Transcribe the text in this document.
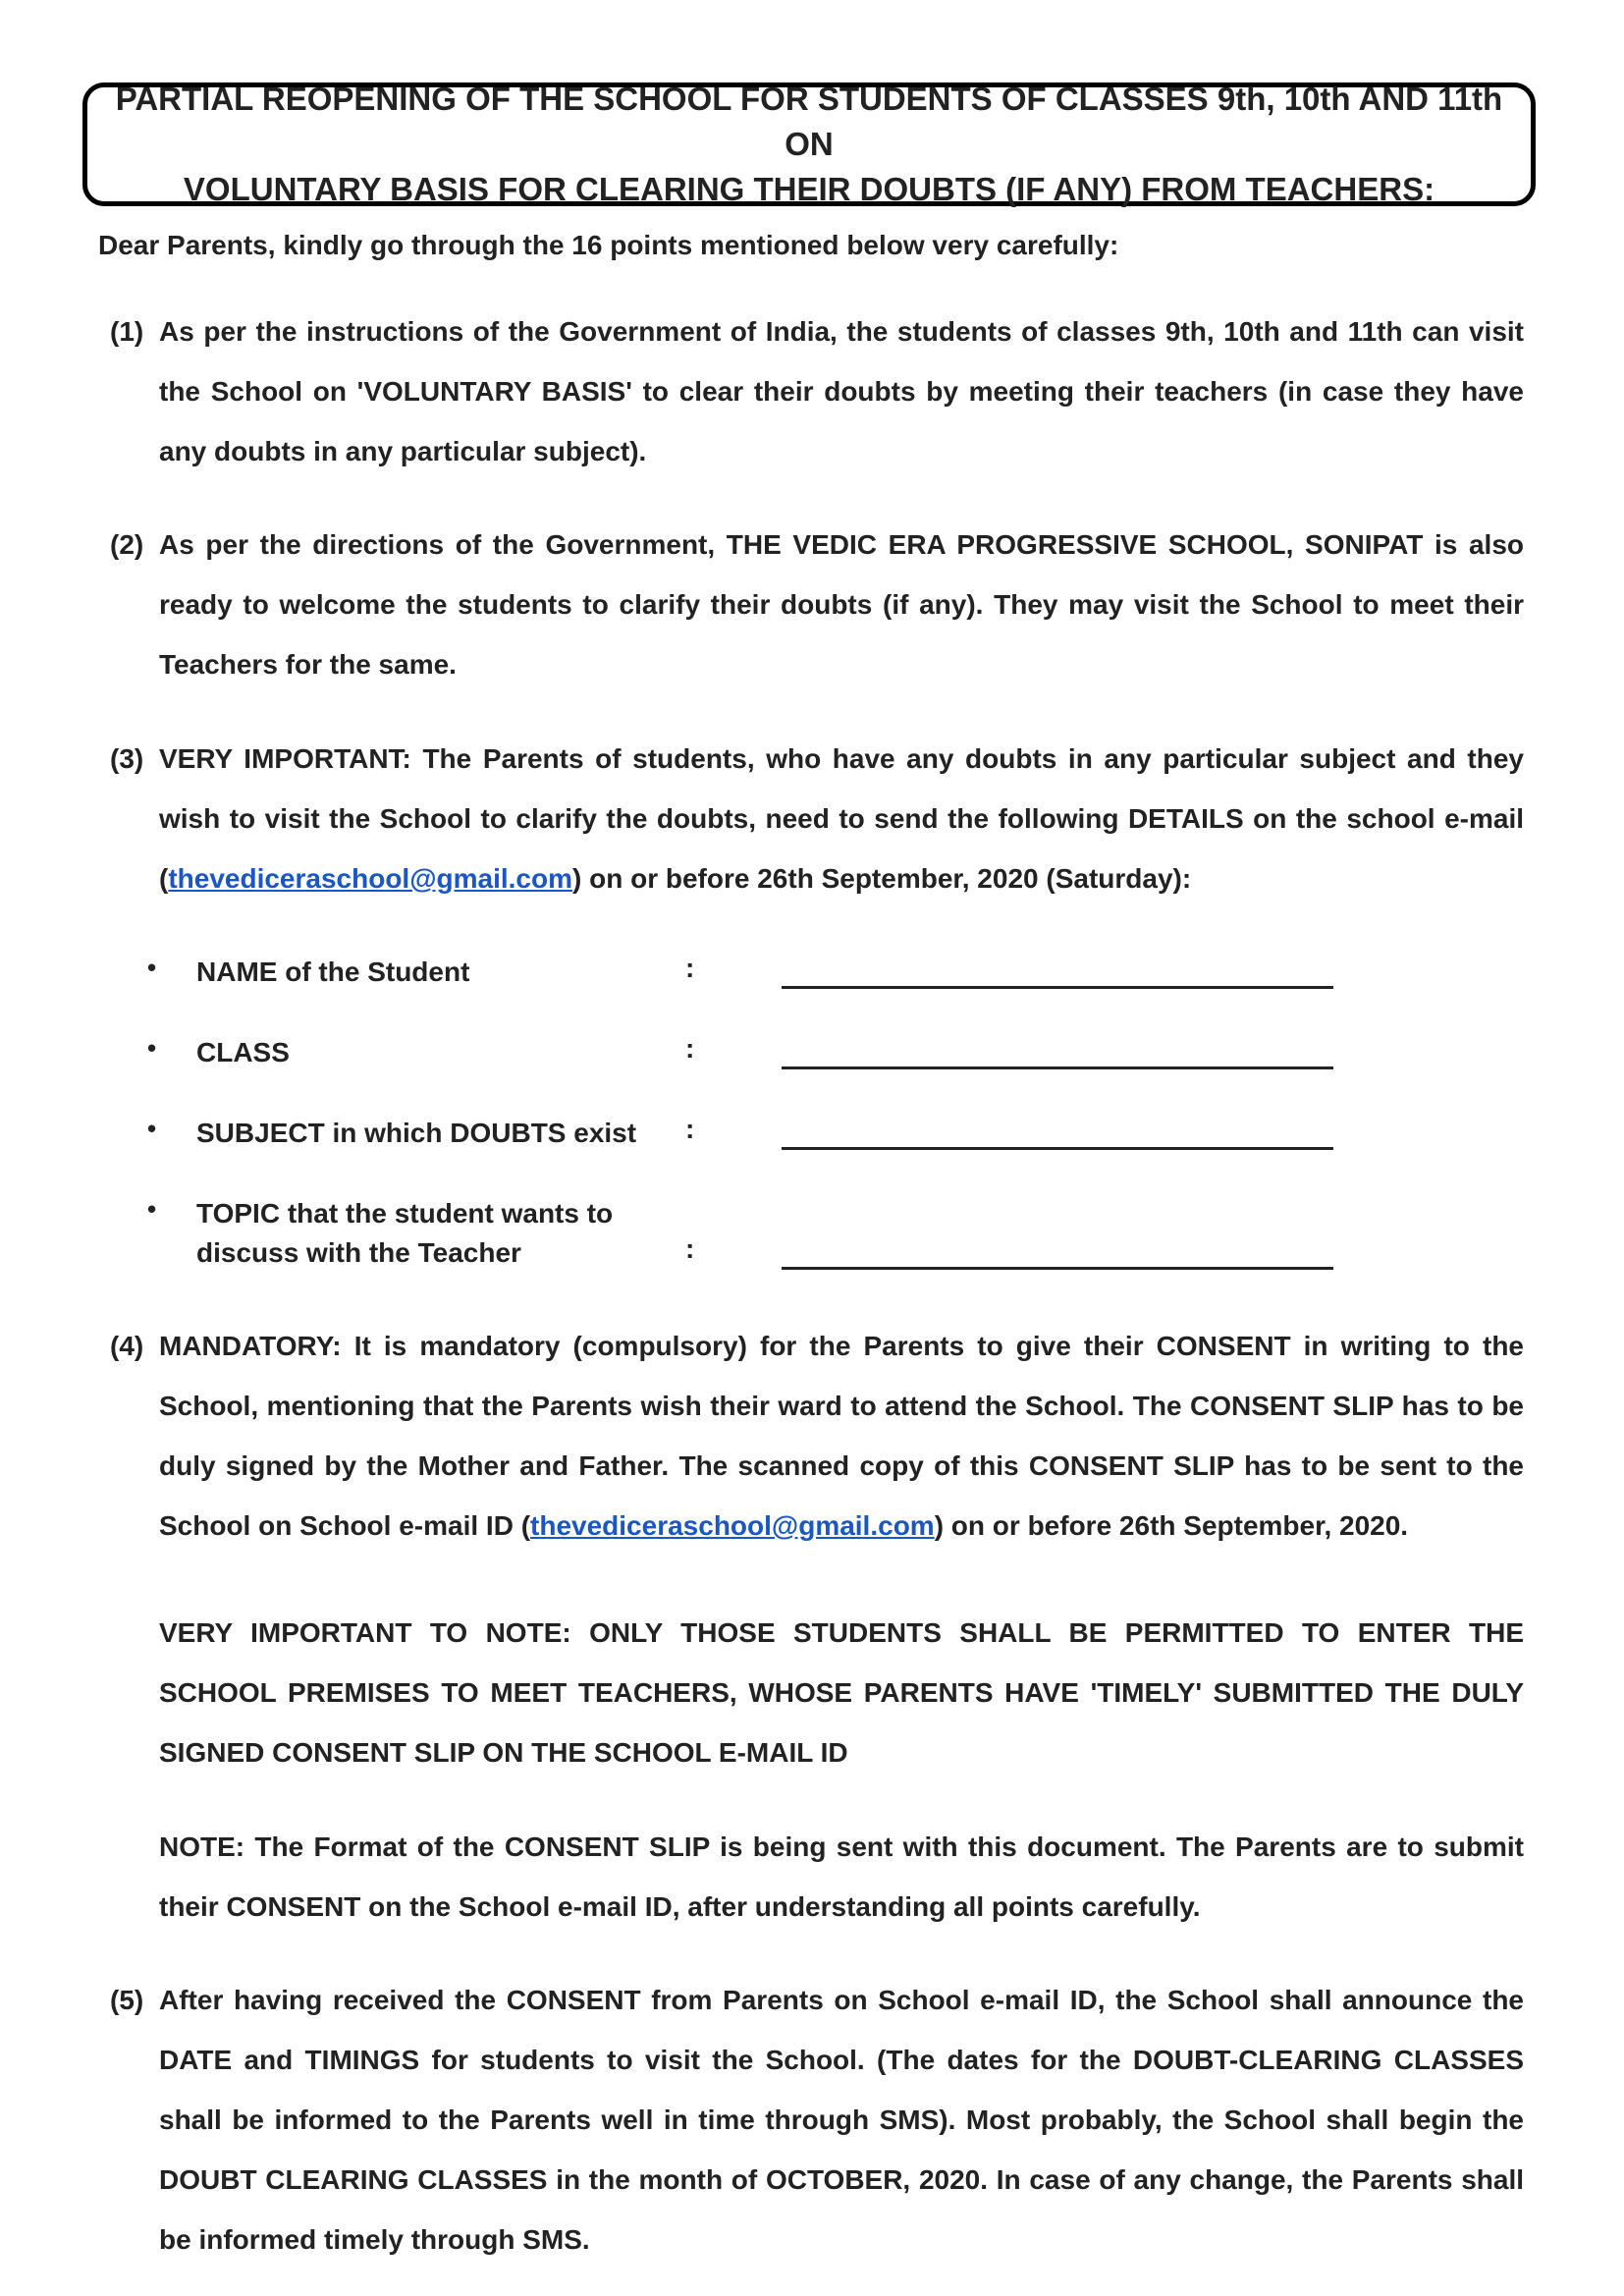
PARTIAL REOPENING OF THE SCHOOL FOR STUDENTS OF CLASSES 9th, 10th AND 11th ON
VOLUNTARY BASIS FOR CLEARING THEIR DOUBTS (IF ANY) FROM TEACHERS:
Dear Parents, kindly go through the 16 points mentioned below very carefully:
(1) As per the instructions of the Government of India, the students of classes 9th, 10th and 11th can visit the School on 'VOLUNTARY BASIS' to clear their doubts by meeting their teachers (in case they have any doubts in any particular subject).
(2) As per the directions of the Government, THE VEDIC ERA PROGRESSIVE SCHOOL, SONIPAT is also ready to welcome the students to clarify their doubts (if any). They may visit the School to meet their Teachers for the same.
(3) VERY IMPORTANT: The Parents of students, who have any doubts in any particular subject and they wish to visit the School to clarify the doubts, need to send the following DETAILS on the school e-mail (thevediceraschool@gmail.com) on or before 26th September, 2020 (Saturday):
• NAME of the Student	:
• CLASS	:
• SUBJECT in which DOUBTS exist	:
• TOPIC that the student wants to
discuss with the Teacher	:
(4) MANDATORY: It is mandatory (compulsory) for the Parents to give their CONSENT in writing to the School, mentioning that the Parents wish their ward to attend the School. The CONSENT SLIP has to be duly signed by the Mother and Father. The scanned copy of this CONSENT SLIP has to be sent to the School on School e-mail ID (thevediceraschool@gmail.com) on or before 26th September, 2020.
VERY IMPORTANT TO NOTE: ONLY THOSE STUDENTS SHALL BE PERMITTED TO ENTER THE SCHOOL PREMISES TO MEET TEACHERS, WHOSE PARENTS HAVE 'TIMELY' SUBMITTED THE DULY SIGNED CONSENT SLIP ON THE SCHOOL E-MAIL ID
NOTE: The Format of the CONSENT SLIP is being sent with this document. The Parents are to submit their CONSENT on the School e-mail ID, after understanding all points carefully.
(5) After having received the CONSENT from Parents on School e-mail ID, the School shall announce the DATE and TIMINGS for students to visit the School. (The dates for the DOUBT-CLEARING CLASSES shall be informed to the Parents well in time through SMS). Most probably, the School shall begin the DOUBT CLEARING CLASSES in the month of OCTOBER, 2020. In case of any change, the Parents shall be informed timely through SMS.
